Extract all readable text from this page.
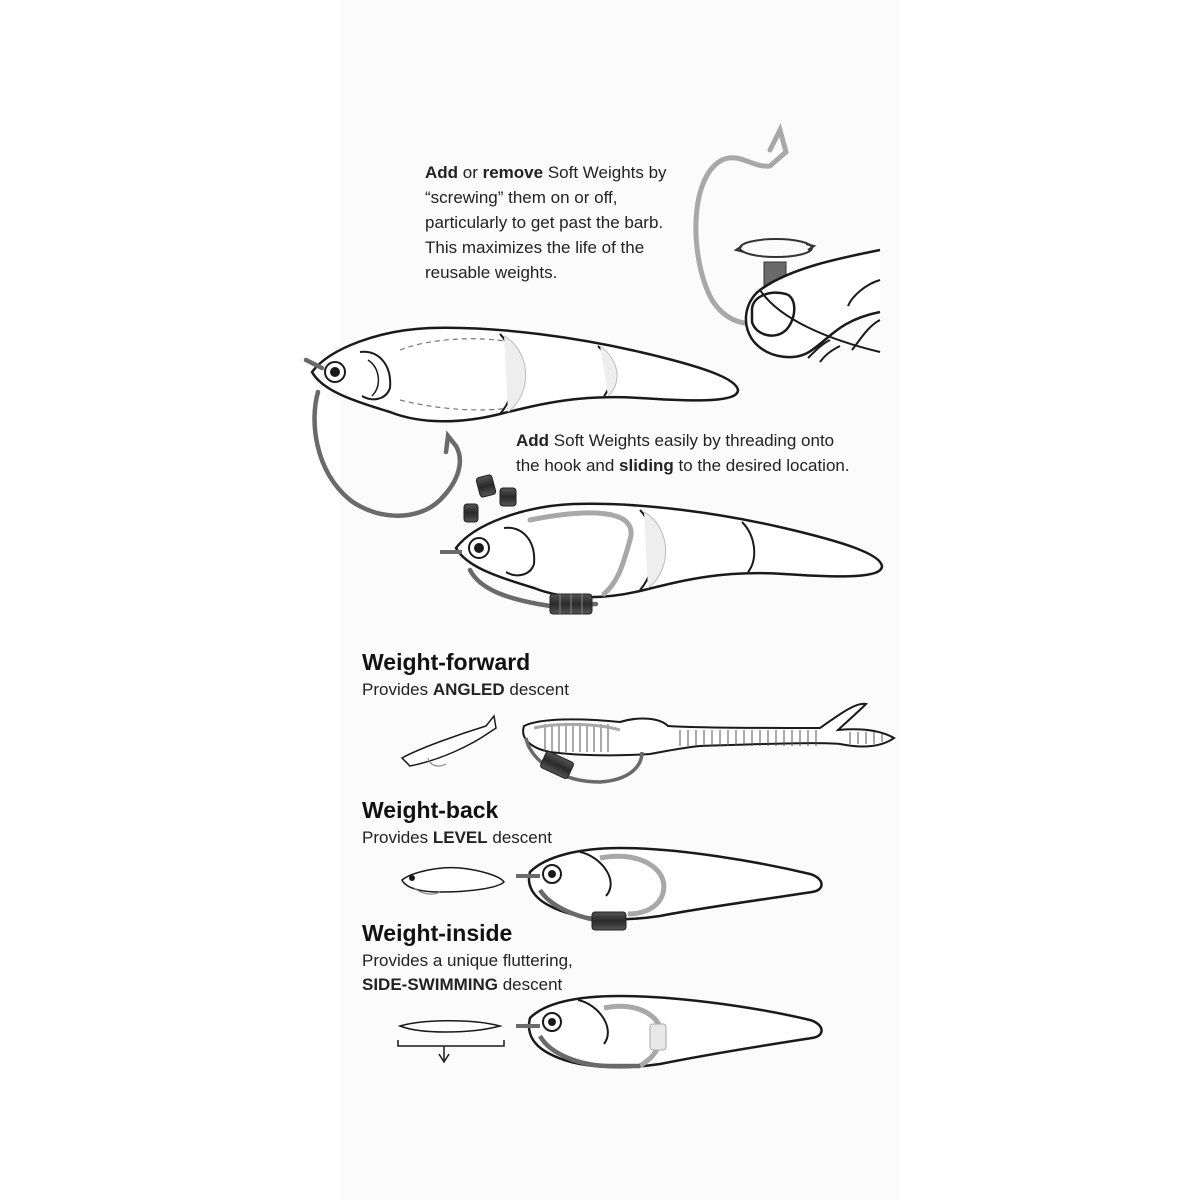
Add or remove Soft Weights by
“screwing” them on or off,
particularly to get past the barb.
This maximizes the life of the
reusable weights.
Add Soft Weights easily by threading onto
the hook and sliding to the desired location.
Weight-forward
Provides ANGLED descent
Weight-back
Provides LEVEL descent
Weight-inside
Provides a unique fluttering,
SIDE-SWIMMING descent
